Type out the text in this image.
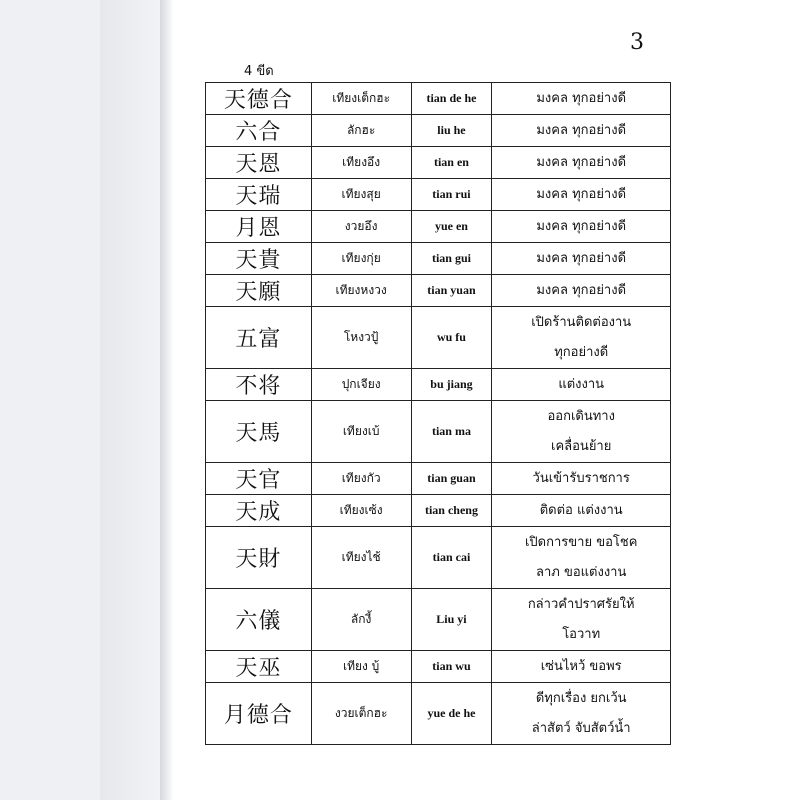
3
4 ขีด
天德合	เทียงเต็กฮะ	tian de he	มงคล ทุกอย่างดี

六合	ลักฮะ	liu he	มงคล ทุกอย่างดี

天恩	เทียงอึง	tian en	มงคล ทุกอย่างดี

天瑞	เทียงสุย	tian rui	มงคล ทุกอย่างดี

月恩	งวยอึง	yue en	มงคล ทุกอย่างดี

天貴	เทียงกุ่ย	tian gui	มงคล ทุกอย่างดี

天願	เทียงหงวง	tian yuan	มงคล ทุกอย่างดี

五富	โหงวปู้	wu fu	เปิดร้านติดต่องาน
ทุกอย่างดี

不将	ปุกเจียง	bu jiang	แต่งงาน

天馬	เทียงเบ้	tian ma	ออกเดินทาง
เคลื่อนย้าย

天官	เทียงกัว	tian guan	วันเข้ารับราชการ

天成	เทียงเซ้ง	tian cheng	ติดต่อ แต่งงาน

天財	เทียงไช้	tian cai	เปิดการขาย ขอโชค
ลาภ ขอแต่งงาน

六儀	ลักงี้	Liu yi	กล่าวคำปราศรัยให้
โอวาท

天巫	เทียง บู้	tian wu	เซ่นไหว้ ขอพร

月德合	งวยเต็กฮะ	yue de he	ดีทุกเรื่อง ยกเว้น
ล่าสัตว์ จับสัตว์น้ำ
